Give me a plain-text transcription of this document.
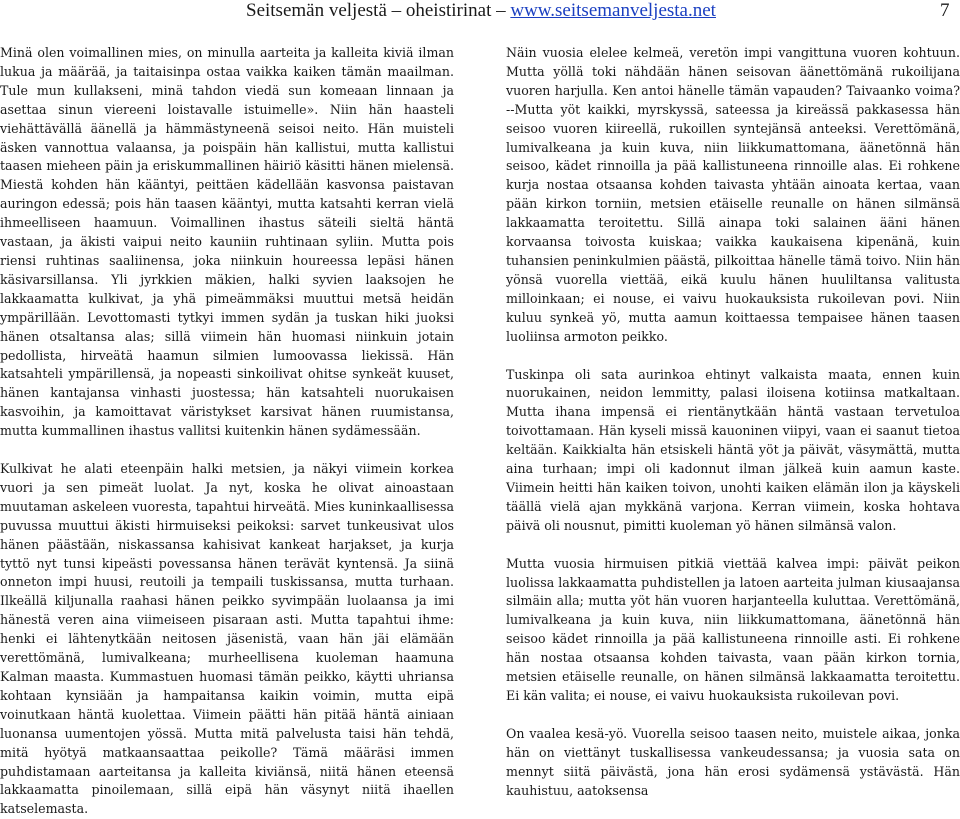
Seitsemän veljestä – oheistirinat – www.seitsemanveljesta.net	7

Minä olen voimallinen mies, on minulla aarteita ja kalleita kiviä ilman lukua ja määrää, ja taitaisinpa ostaa vaikka kaiken tämän maailman. Tule mun kullakseni, minä tahdon viedä sun komeaan linnaan ja asettaa sinun viereeni loistavalle istuimelle». Niin hän haasteli viehättävällä äänellä ja hämmästyneenä seisoi neito. Hän muisteli äsken vannottua valaansa, ja poispäin hän kallistui, mutta kallistui taasen mieheen päin ja eriskummallinen häiriö käsitti hänen mielensä. Miestä kohden hän kääntyi, peittäen kädellään kasvonsa paistavan auringon edessä; pois hän taasen kääntyi, mutta katsahti kerran vielä ihmeelliseen haamuun. Voimallinen ihastus säteili sieltä häntä vastaan, ja äkisti vaipui neito kauniin ruhtinaan syliin. Mutta pois riensi ruhtinas saaliinensa, joka niinkuin houreessa lepäsi hänen käsivarsillansa. Yli jyrkkien mäkien, halki syvien laaksojen he lakkaamatta kulkivat, ja yhä pimeämmäksi muuttui metsä heidän ympärillään. Levottomasti tytkyi immen sydän ja tuskan hiki juoksi hänen otsaltansa alas; sillä viimein hän huomasi niinkuin jotain pedollista, hirveätä haamun silmien lumoovassa liekissä. Hän katsahteli ympärillensä, ja nopeasti sinkoilivat ohitse synkeät kuuset, hänen kantajansa vinhasti juostessa; hän katsahteli nuorukaisen kasvoihin, ja kamoittavat väristykset karsivat hänen ruumistansa, mutta kummallinen ihastus vallitsi kuitenkin hänen sydämessään.

Kulkivat he alati eteenpäin halki metsien, ja näkyi viimein korkea vuori ja sen pimeät luolat. Ja nyt, koska he olivat ainoastaan muutaman askeleen vuoresta, tapahtui hirveätä. Mies kuninkaallisessa puvussa muuttui äkisti hirmuiseksi peikoksi: sarvet tunkeusivat ulos hänen päästään, niskassansa kahisivat kankeat harjakset, ja kurja tyttö nyt tunsi kipeästi povessansa hänen terävät kyntensä. Ja siinä onneton impi huusi, reutoili ja tempaili tuskissansa, mutta turhaan. Ilkeällä kiljunalla raahasi hänen peikko syvimpään luolaansa ja imi hänestä veren aina viimeiseen pisaraan asti. Mutta tapahtui ihme: henki ei lähtenytkään neitosen jäsenistä, vaan hän jäi elämään verettömänä, lumivalkeana; murheellisena kuoleman haamuna Kalman maasta. Kummastuen huomasi tämän peikko, käytti uhriansa kohtaan kynsiään ja hampaitansa kaikin voimin, mutta eipä voinutkaan häntä kuolettaa. Viimein päätti hän pitää häntä ainiaan luonansa uumentojen yössä. Mutta mitä palvelusta taisi hän tehdä, mitä hyötyä matkaansaattaa peikolle? Tämä määräsi immen puhdistamaan aarteitansa ja kalleita kiviänsä, niitä hänen eteensä lakkaamatta pinoilemaan, sillä eipä hän väsynyt niitä ihaellen katselemasta.

Näin vuosia elelee kelmeä, veretön impi vangittuna vuoren kohtuun. Mutta yöllä toki nähdään hänen seisovan äänettömänä rukoilijana vuoren harjulla. Ken antoi hänelle tämän vapauden? Taivaanko voima?--Mutta yöt kaikki, myrskyssä, sateessa ja kireässä pakkasessa hän seisoo vuoren kiireellä, rukoillen syntejänsä anteeksi. Verettömänä, lumivalkeana ja kuin kuva, niin liikkumattomana, äänetönnä hän seisoo, kädet rinnoilla ja pää kallistuneena rinnoille alas. Ei rohkene kurja nostaa otsaansa kohden taivasta yhtään ainoata kertaa, vaan pään kirkon torniin, metsien etäiselle reunalle on hänen silmänsä lakkaamatta teroitettu. Sillä ainapa toki salainen ääni hänen korvaansa toivosta kuiskaa; vaikka kaukaisena kipenänä, kuin tuhansien peninkulmien päästä, pilkoittaa hänelle tämä toivo. Niin hän yönsä vuorella viettää, eikä kuulu hänen huuliltansa valitusta milloinkaan; ei nouse, ei vaivu huokauksista rukoilevan povi. Niin kuluu synkeä yö, mutta aamun koittaessa tempaisee hänen taasen luoliinsa armoton peikko.

Tuskinpa oli sata aurinkoa ehtinyt valkaista maata, ennen kuin nuorukainen, neidon lemmitty, palasi iloisena kotiinsa matkaltaan. Mutta ihana impensä ei rientänytkään häntä vastaan tervetuloa toivottamaan. Hän kyseli missä kauoninen viipyi, vaan ei saanut tietoa keltään. Kaikkialta hän etsiskeli häntä yöt ja päivät, väsymättä, mutta aina turhaan; impi oli kadonnut ilman jälkeä kuin aamun kaste. Viimein heitti hän kaiken toivon, unohti kaiken elämän ilon ja käyskeli täällä vielä ajan mykkänä varjona. Kerran viimein, koska hohtava päivä oli nousnut, pimitti kuoleman yö hänen silmänsä valon.

Mutta vuosia hirmuisen pitkiä viettää kalvea impi: päivät peikon luolissa lakkaamatta puhdistellen ja latoen aarteita julman kiusaajansa silmäin alla; mutta yöt hän vuoren harjanteella kuluttaa. Verettömänä, lumivalkeana ja kuin kuva, niin liikkumattomana, äänetönnä hän seisoo kädet rinnoilla ja pää kallistuneena rinnoille asti. Ei rohkene hän nostaa otsaansa kohden taivasta, vaan pään kirkon tornia, metsien etäiselle reunalle, on hänen silmänsä lakkaamatta teroitettu. Ei kän valita; ei nouse, ei vaivu huokauksista rukoilevan povi.

On vaalea kesä-yö. Vuorella seisoo taasen neito, muistele aikaa, jonka hän on viettänyt tuskallisessa vankeudessansa; ja vuosia sata on mennyt siitä päivästä, jona hän erosi sydämensä ystävästä. Hän kauhistuu, aatoksensa
